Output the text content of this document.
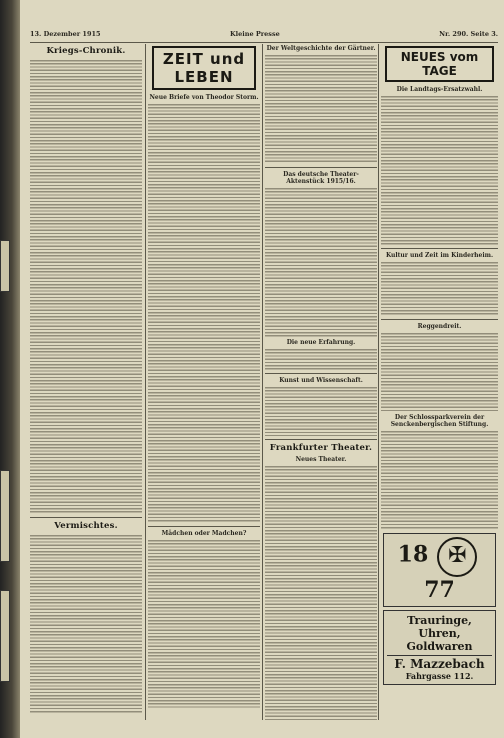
13. Dezember 1915	Kleine Presse	Nr. 290. Seite 3.
Kriegs-Chronik.
Vermischtes.
ZEIT und LEBEN
Neue Briefe von Theodor Storm.
Mädchen oder Madchen?
Der Weltgeschichte der Gärtner.
Das deutsche Theater-Aktenstück 1915/16.
Die neue Erfahrung.
Kunst und Wissenschaft.
Frankfurter Theater.
Neues Theater.
NEUES vom TAGE
Die Landtags-Ersatzwahl.
Kultur und Zeit im Kinderheim.
Reggendreit.
Der Schlossparkverein der Senckenbergischen Stiftung.
18 ✠ 77
Trauringe, Uhren,
Goldwaren
F. Mazzebach
Fahrgasse 112.
